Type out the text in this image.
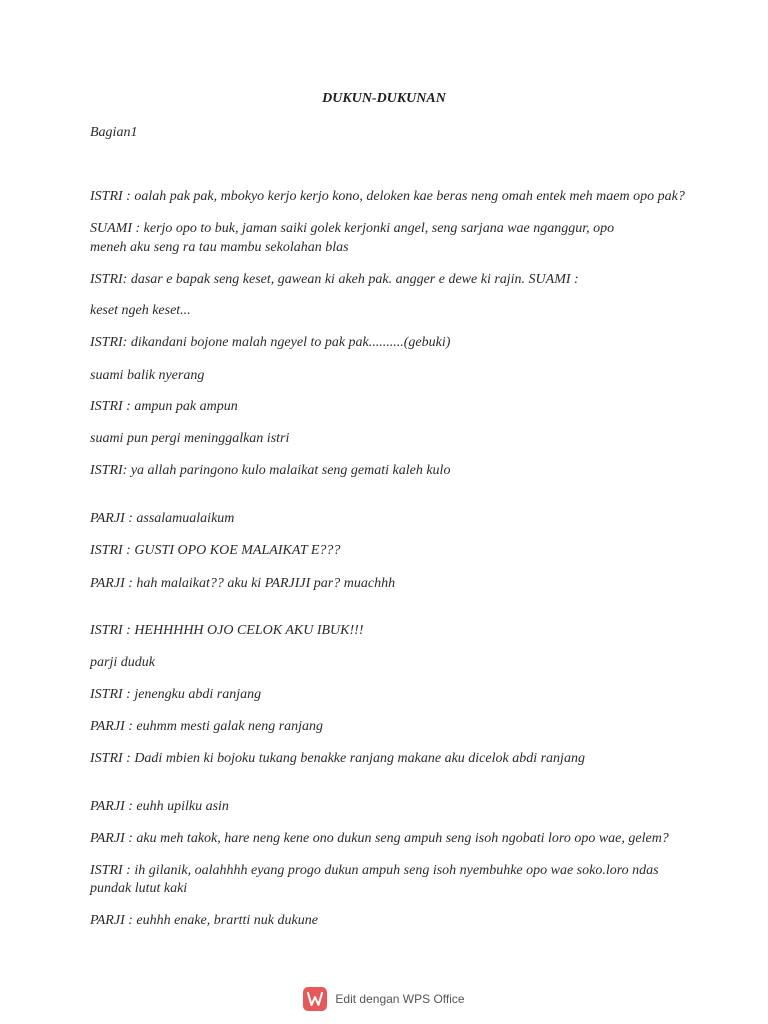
DUKUN-DUKUNAN
Bagian1
ISTRI : oalah pak pak, mbokyo kerjo kerjo kono, deloken kae beras neng omah entek meh maem opo pak?
SUAMI : kerjo opo to buk, jaman saiki golek kerjonki angel, seng sarjana wae nganggur, opo
meneh aku seng ra tau mambu sekolahan blas
ISTRI: dasar e bapak seng keset, gawean ki akeh pak. angger e dewe ki rajin. SUAMI :
keset ngeh keset...
ISTRI: dikandani bojone malah ngeyel to pak pak..........(gebuki)
suami balik nyerang
ISTRI : ampun pak ampun
suami pun pergi meninggalkan istri
ISTRI: ya allah paringono kulo malaikat seng gemati kaleh kulo
PARJI : assalamualaikum
ISTRI : GUSTI OPO KOE MALAIKAT E???
PARJI : hah malaikat?? aku ki PARJIJI par? muachhh
ISTRI : HEHHHHH OJO CELOK AKU IBUK!!!
parji duduk
ISTRI : jenengku abdi ranjang
PARJI : euhmm mesti galak neng ranjang
ISTRI : Dadi mbien ki bojoku tukang benakke ranjang makane aku dicelok abdi ranjang
PARJI : euhh upilku asin
PARJI : aku meh takok, hare neng kene ono dukun seng ampuh seng isoh ngobati loro opo wae, gelem?
ISTRI : ih gilanik, oalahhhh eyang progo dukun ampuh seng isoh nyembuhke opo wae soko.loro ndas
pundak lutut kaki
PARJI : euhhh enake, brartti nuk dukune
Edit dengan WPS Office
